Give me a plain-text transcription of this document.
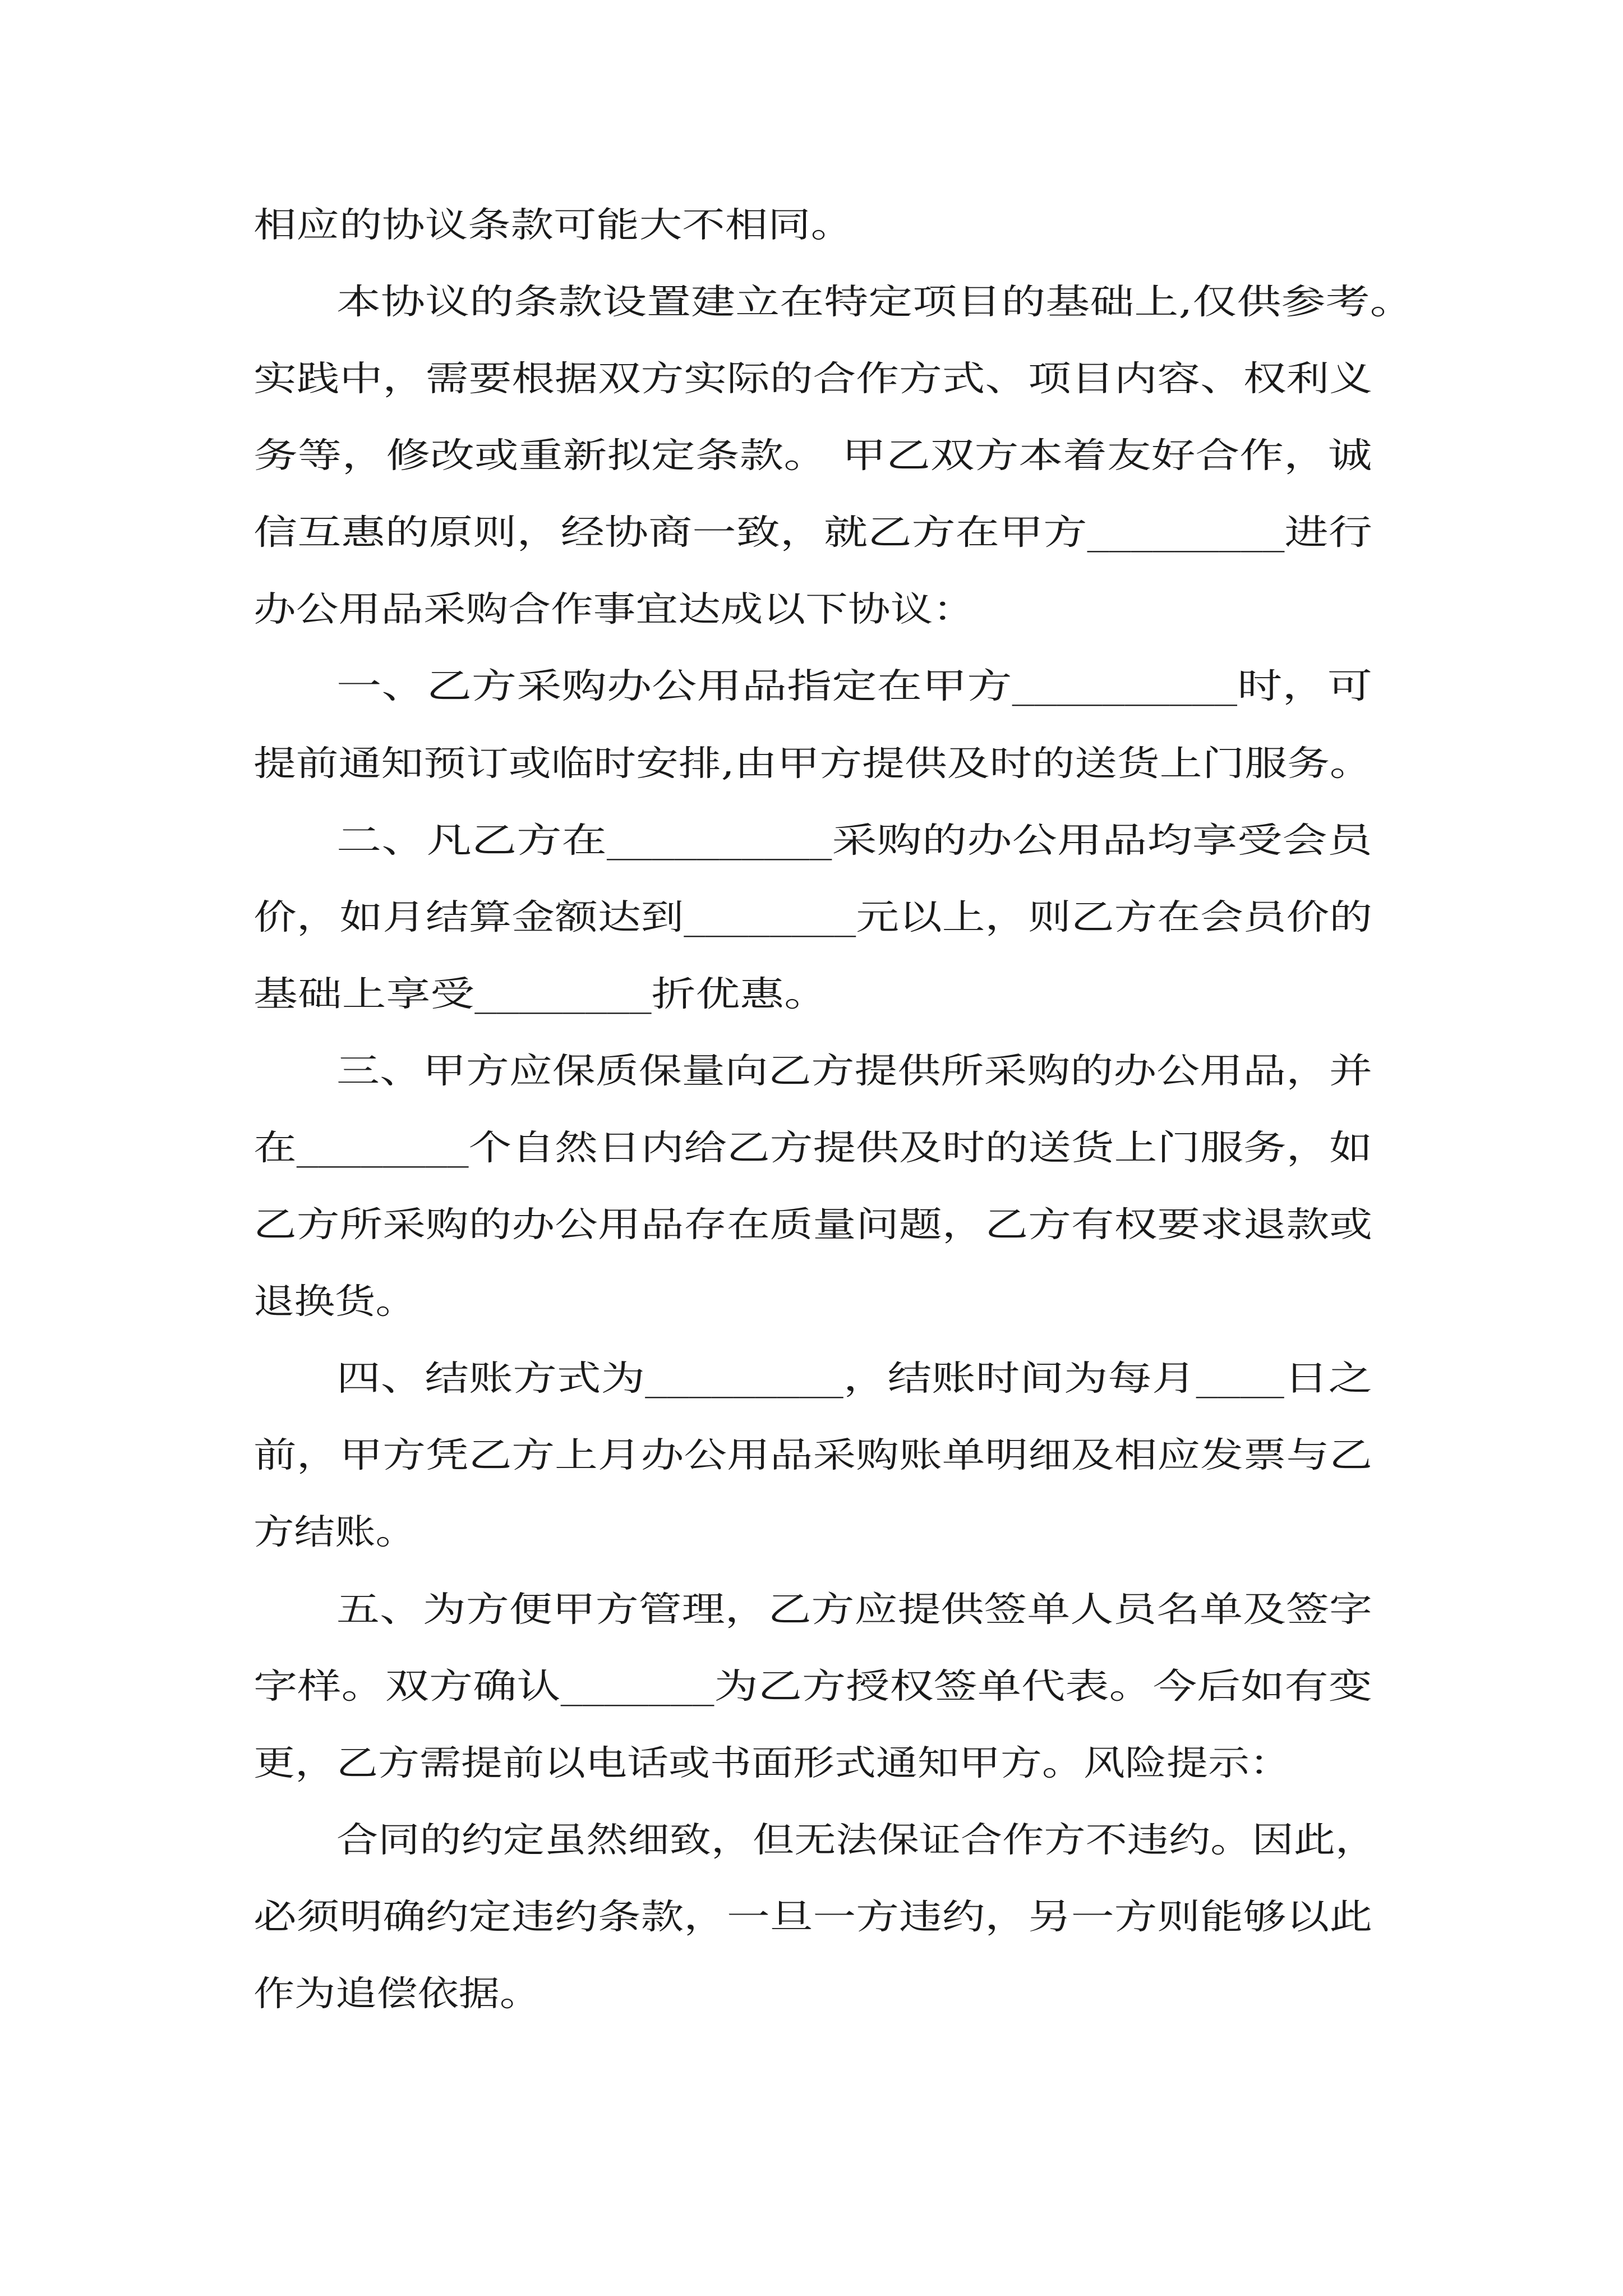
相应的协议条款可能大不相同。
本协议的条款设置建立在特定项目的基础上,仅供参考。
实践中，需要根据双方实际的合作方式、项目内容、权利义
务等，修改或重新拟定条款。 甲乙双方本着友好合作，诚
信互惠的原则，经协商一致，就乙方在甲方_________进行
办公用品采购合作事宜达成以下协议：
一、乙方采购办公用品指定在甲方__________时，可
提前通知预订或临时安排,由甲方提供及时的送货上门服务。
二、凡乙方在__________采购的办公用品均享受会员
价，如月结算金额达到________元以上，则乙方在会员价的
基础上享受________折优惠。
三、甲方应保质保量向乙方提供所采购的办公用品，并
在________个自然日内给乙方提供及时的送货上门服务，如
乙方所采购的办公用品存在质量问题，乙方有权要求退款或
退换货。
四、结账方式为_________，结账时间为每月____日之
前，甲方凭乙方上月办公用品采购账单明细及相应发票与乙
方结账。
五、为方便甲方管理，乙方应提供签单人员名单及签字
字样。双方确认_______为乙方授权签单代表。今后如有变
更，乙方需提前以电话或书面形式通知甲方。风险提示：
合同的约定虽然细致，但无法保证合作方不违约。因此，
必须明确约定违约条款，一旦一方违约，另一方则能够以此
作为追偿依据。
